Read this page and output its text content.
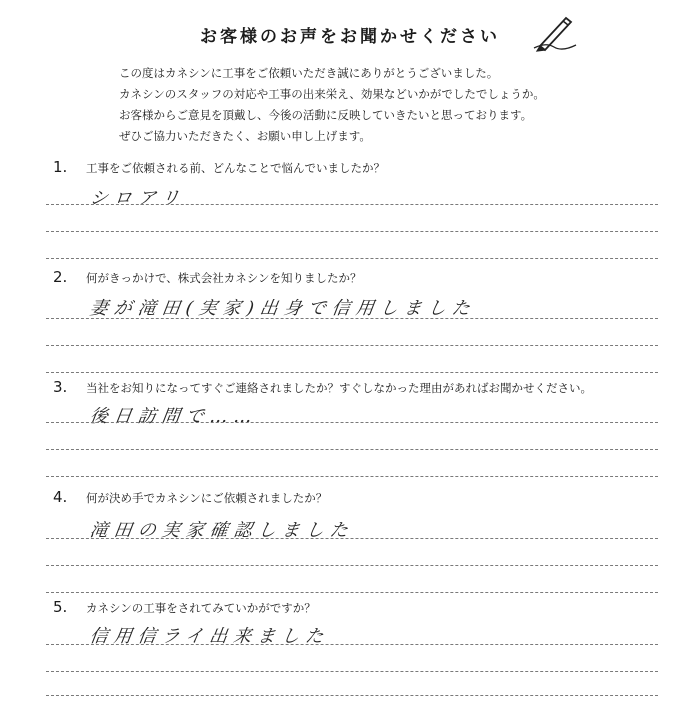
お客様のお声をお聞かせください
この度はカネシンに工事をご依頼いただき誠にありがとうございました。
カネシンのスタッフの対応や工事の出来栄え、効果などいかがでしたでしょうか。
お客様からご意見を頂戴し、今後の活動に反映していきたいと思っております。
ぜひご協力いただきたく、お願い申し上げます。
1. 工事をご依頼される前、どんなことで悩んでいましたか？
シロアリ
2. 何がきっかけで、株式会社カネシンを知りましたか？
妻が滝田(実家)出身で信用しました
3. 当社をお知りになってすぐご連絡されましたか？すぐしなかった理由があればお聞かせください。
後日訪問で……
4. 何が決め手でカネシンにご依頼されましたか？
滝田の実家確認しました
5. カネシンの工事をされてみていかがですか？
信用信ライ出来ました
